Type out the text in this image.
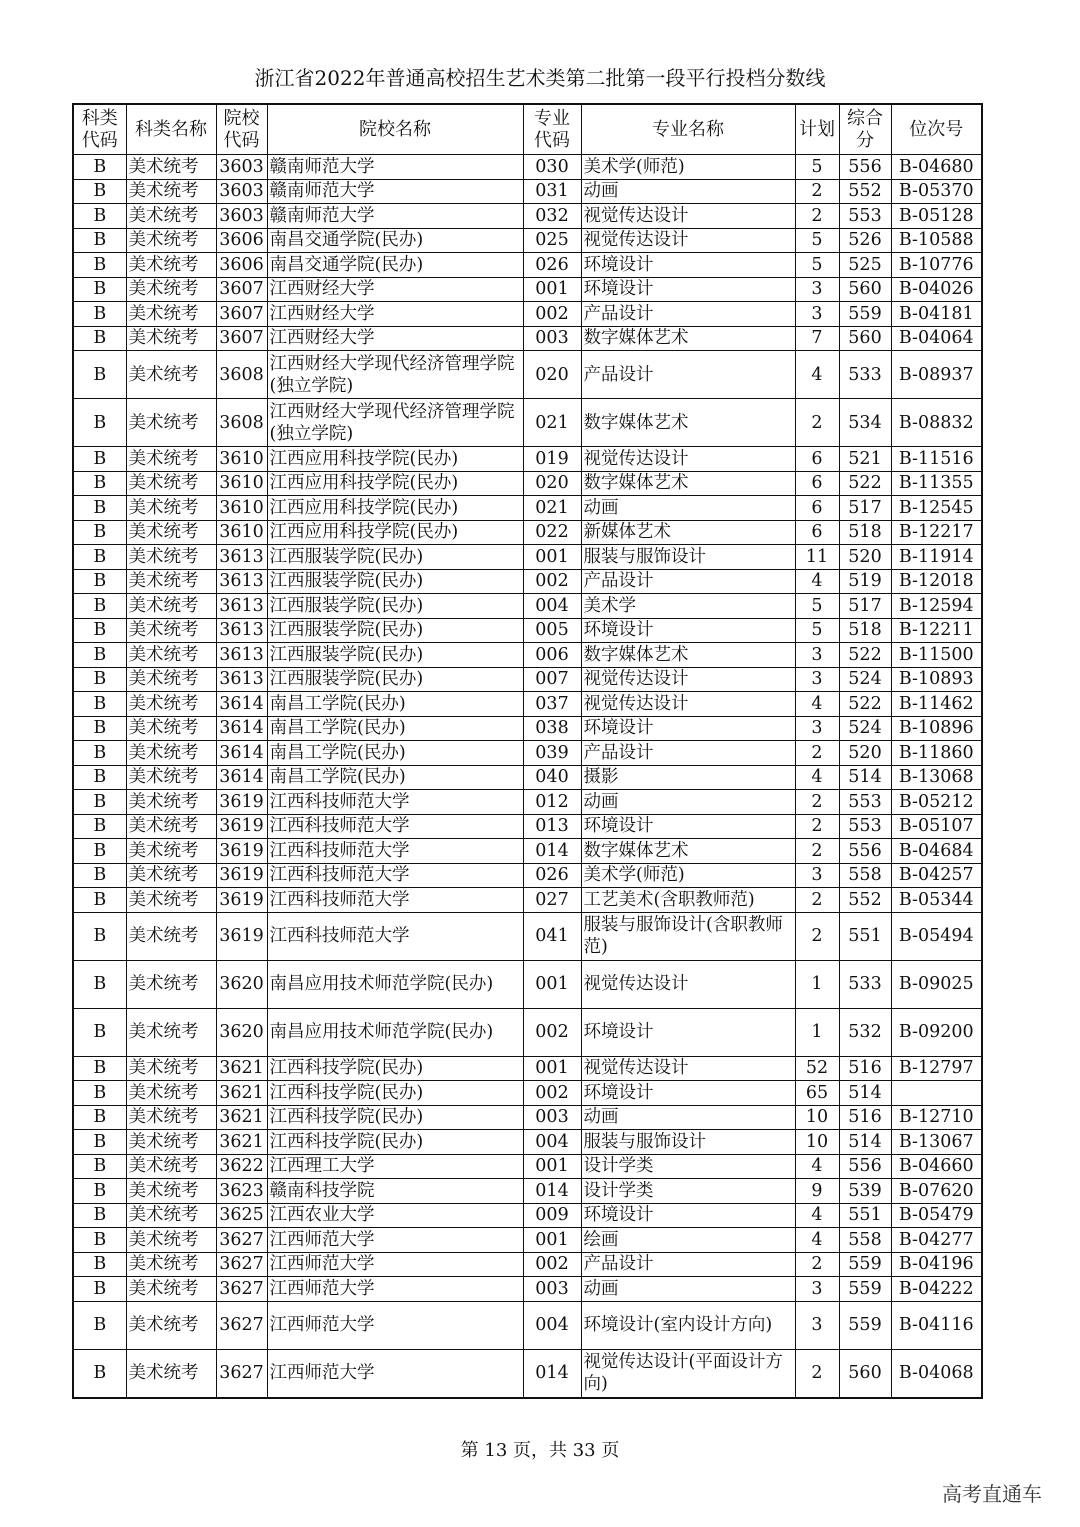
浙江省2022年普通高校招生艺术类第二批第一段平行投档分数线
科类代码	科类名称	院校代码	院校名称	专业代码	专业名称	计划	综合分	位次号
B	美术统考	3603	赣南师范大学	030	美术学(师范)	5	556	B-04680
B	美术统考	3603	赣南师范大学	031	动画	2	552	B-05370
B	美术统考	3603	赣南师范大学	032	视觉传达设计	2	553	B-05128
B	美术统考	3606	南昌交通学院(民办)	025	视觉传达设计	5	526	B-10588
B	美术统考	3606	南昌交通学院(民办)	026	环境设计	5	525	B-10776
B	美术统考	3607	江西财经大学	001	环境设计	3	560	B-04026
B	美术统考	3607	江西财经大学	002	产品设计	3	559	B-04181
B	美术统考	3607	江西财经大学	003	数字媒体艺术	7	560	B-04064
B	美术统考	3608	江西财经大学现代经济管理学院(独立学院)	020	产品设计	4	533	B-08937
B	美术统考	3608	江西财经大学现代经济管理学院(独立学院)	021	数字媒体艺术	2	534	B-08832
B	美术统考	3610	江西应用科技学院(民办)	019	视觉传达设计	6	521	B-11516
B	美术统考	3610	江西应用科技学院(民办)	020	数字媒体艺术	6	522	B-11355
B	美术统考	3610	江西应用科技学院(民办)	021	动画	6	517	B-12545
B	美术统考	3610	江西应用科技学院(民办)	022	新媒体艺术	6	518	B-12217
B	美术统考	3613	江西服装学院(民办)	001	服装与服饰设计	11	520	B-11914
B	美术统考	3613	江西服装学院(民办)	002	产品设计	4	519	B-12018
B	美术统考	3613	江西服装学院(民办)	004	美术学	5	517	B-12594
B	美术统考	3613	江西服装学院(民办)	005	环境设计	5	518	B-12211
B	美术统考	3613	江西服装学院(民办)	006	数字媒体艺术	3	522	B-11500
B	美术统考	3613	江西服装学院(民办)	007	视觉传达设计	3	524	B-10893
B	美术统考	3614	南昌工学院(民办)	037	视觉传达设计	4	522	B-11462
B	美术统考	3614	南昌工学院(民办)	038	环境设计	3	524	B-10896
B	美术统考	3614	南昌工学院(民办)	039	产品设计	2	520	B-11860
B	美术统考	3614	南昌工学院(民办)	040	摄影	4	514	B-13068
B	美术统考	3619	江西科技师范大学	012	动画	2	553	B-05212
B	美术统考	3619	江西科技师范大学	013	环境设计	2	553	B-05107
B	美术统考	3619	江西科技师范大学	014	数字媒体艺术	2	556	B-04684
B	美术统考	3619	江西科技师范大学	026	美术学(师范)	3	558	B-04257
B	美术统考	3619	江西科技师范大学	027	工艺美术(含职教师范)	2	552	B-05344
B	美术统考	3619	江西科技师范大学	041	服装与服饰设计(含职教师范)	2	551	B-05494
B	美术统考	3620	南昌应用技术师范学院(民办)	001	视觉传达设计	1	533	B-09025
B	美术统考	3620	南昌应用技术师范学院(民办)	002	环境设计	1	532	B-09200
B	美术统考	3621	江西科技学院(民办)	001	视觉传达设计	52	516	B-12797
B	美术统考	3621	江西科技学院(民办)	002	环境设计	65	514	
B	美术统考	3621	江西科技学院(民办)	003	动画	10	516	B-12710
B	美术统考	3621	江西科技学院(民办)	004	服装与服饰设计	10	514	B-13067
B	美术统考	3622	江西理工大学	001	设计学类	4	556	B-04660
B	美术统考	3623	赣南科技学院	014	设计学类	9	539	B-07620
B	美术统考	3625	江西农业大学	009	环境设计	4	551	B-05479
B	美术统考	3627	江西师范大学	001	绘画	4	558	B-04277
B	美术统考	3627	江西师范大学	002	产品设计	2	559	B-04196
B	美术统考	3627	江西师范大学	003	动画	3	559	B-04222
B	美术统考	3627	江西师范大学	004	环境设计(室内设计方向)	3	559	B-04116
B	美术统考	3627	江西师范大学	014	视觉传达设计(平面设计方向)	2	560	B-04068
第 13 页，共 33 页
高考直通车
